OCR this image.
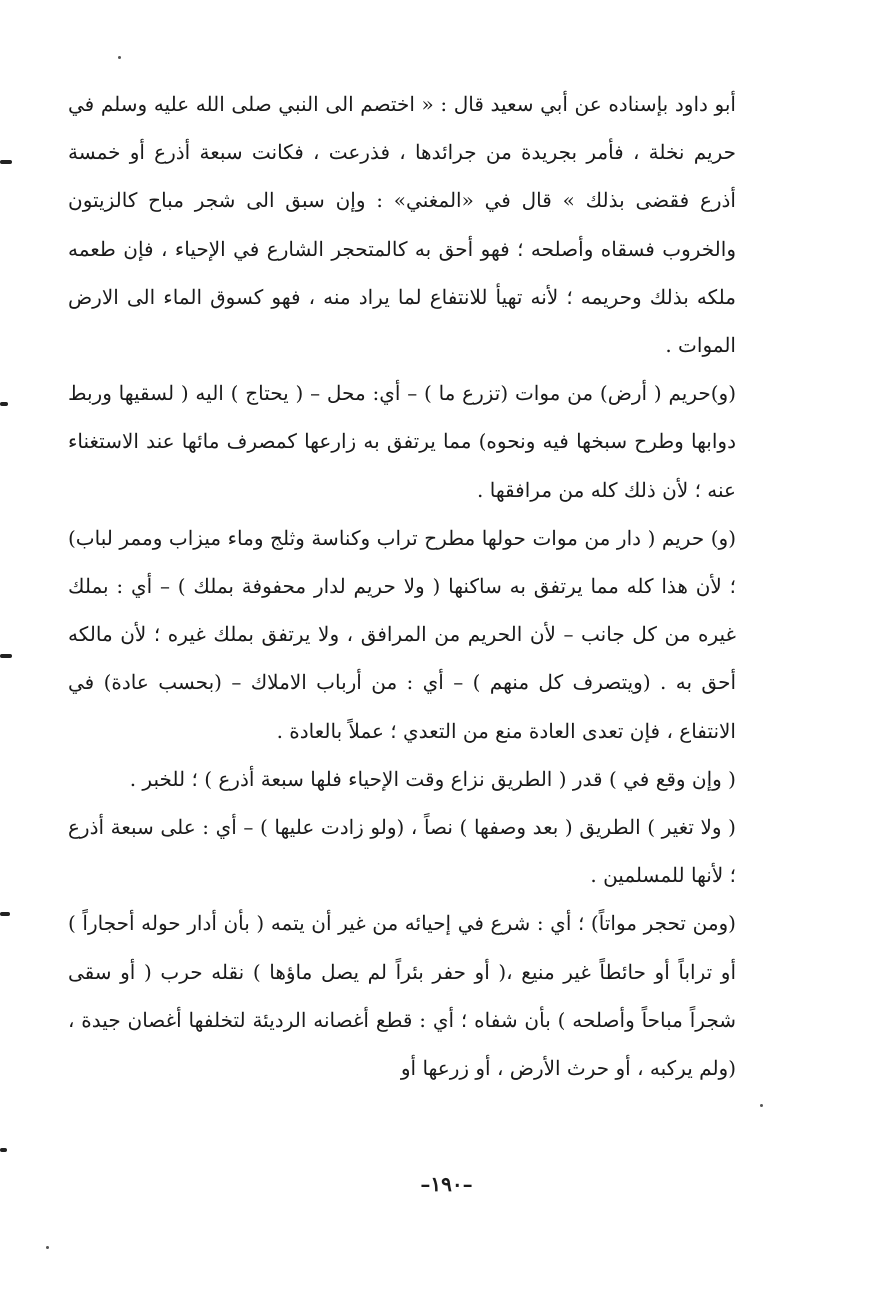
أبو داود بإسناده عن أبي سعيد قال : « اختصم الى النبي صلى الله عليه وسلم في حريم نخلة ، فأمر بجريدة من جرائدها ، فذرعت ، فكانت سبعة أذرع أو خمسة أذرع فقضى بذلك » قال في «المغني» : وإن سبق الى شجر مباح كالزيتون والخروب فسقاه وأصلحه ؛ فهو أحق به كالمتحجر الشارع في الإحياء ، فإن طعمه ملكه بذلك وحريمه ؛ لأنه تهيأ للانتفاع لما يراد منه ، فهو كسوق الماء الى الارض الموات .

(و)حريم ( أرض) من موات (تزرع ما ) – أي: محل – ( يحتاج ) اليه ( لسقيها وربط دوابها وطرح سبخها فيه ونحوه) مما يرتفق به زارعها كمصرف مائها عند الاستغناء عنه ؛ لأن ذلك كله من مرافقها .

(و) حريم ( دار من موات حولها مطرح تراب وكناسة وثلج وماء ميزاب وممر لباب) ؛ لأن هذا كله مما يرتفق به ساكنها ( ولا حريم لدار محفوفة بملك ) – أي : بملك غيره من كل جانب – لأن الحريم من المرافق ، ولا يرتفق بملك غيره ؛ لأن مالكه أحق به . (ويتصرف كل منهم ) – أي : من أرباب الاملاك – (بحسب عادة) في الانتفاع ، فإن تعدى العادة منع من التعدي ؛ عملاً بالعادة .

( وإن وقع في ) قدر ( الطريق نزاع وقت الإحياء فلها سبعة أذرع ) ؛ للخبر .

( ولا تغير ) الطريق ( بعد وصفها ) نصاً ، (ولو زادت عليها ) – أي : على سبعة أذرع ؛ لأنها للمسلمين .

(ومن تحجر مواتاً) ؛ أي : شرع في إحيائه من غير أن يتمه ( بأن أدار حوله أحجاراً ) أو تراباً أو حائطاً غير منيع ،( أو حفر بئراً لم يصل ماؤها ) نقله حرب ( أو سقى شجراً مباحاً وأصلحه ) بأن شفاه ؛ أي : قطع أغصانه الرديئة لتخلفها أغصان جيدة ، (ولم يركبه ، أو حرث الأرض ، أو زرعها أو

–١٩٠–
